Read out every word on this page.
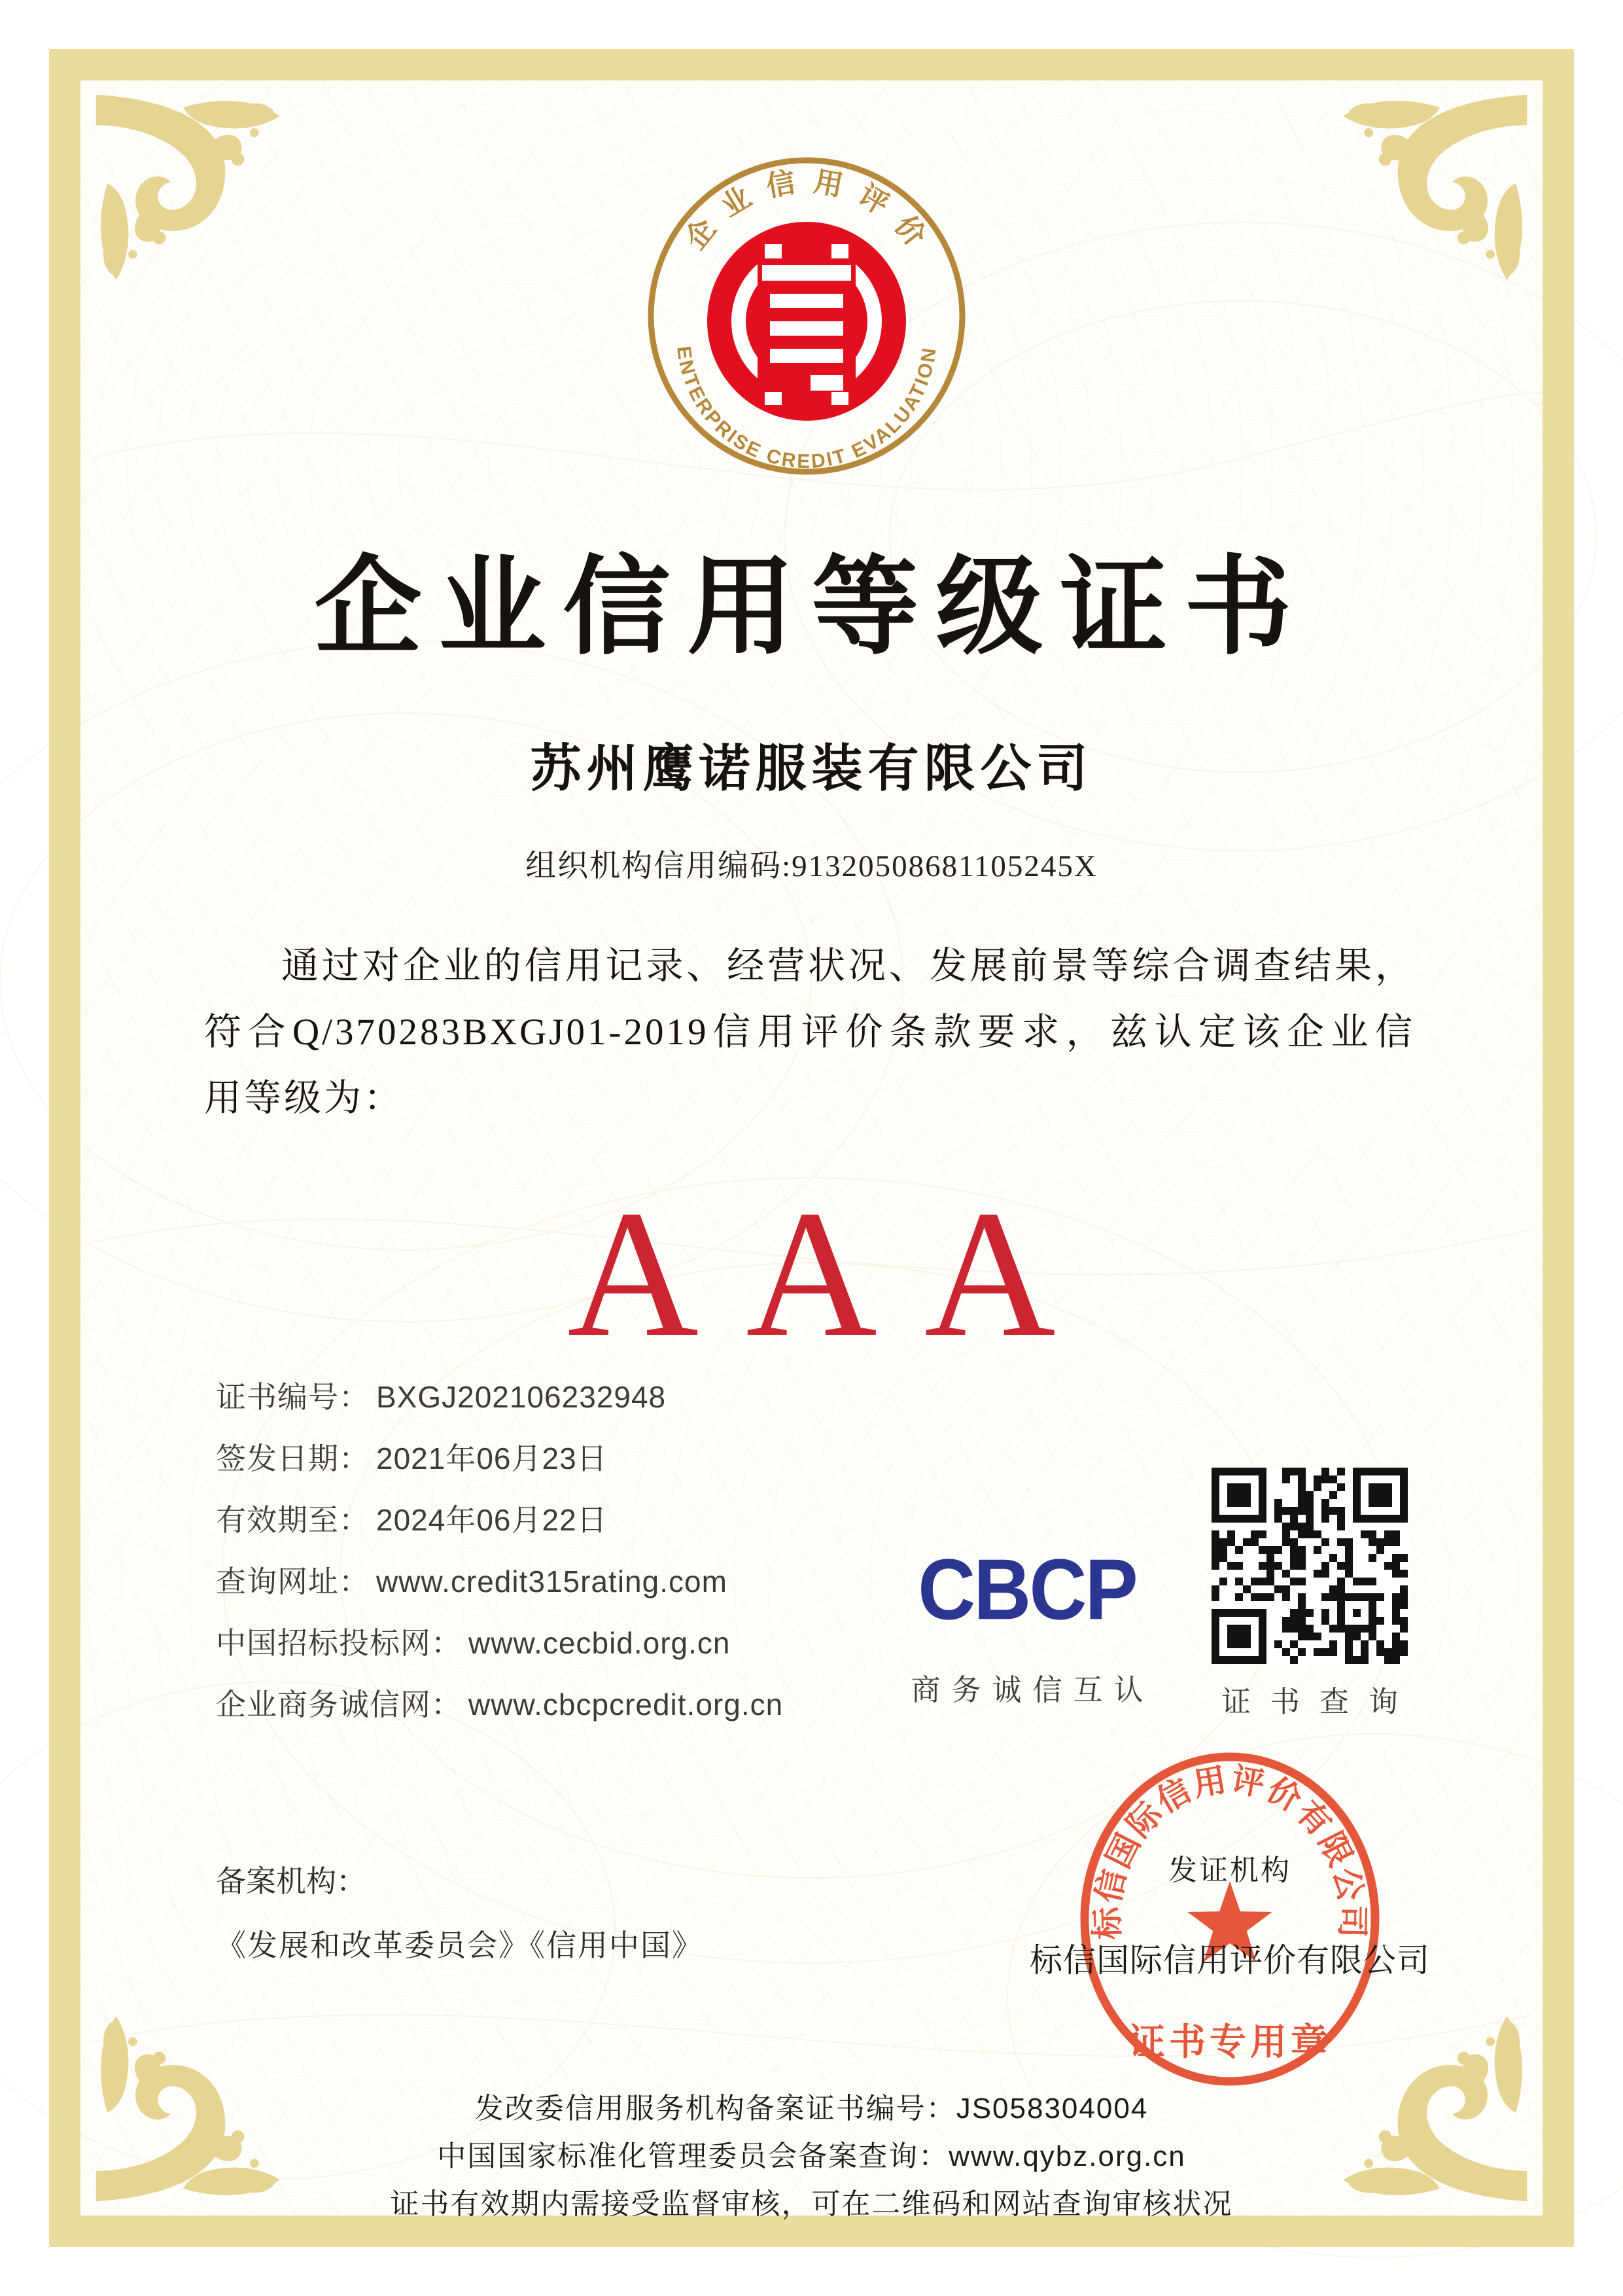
企 业 信 用 评 价
ENTERPRISE CREDIT EVALUATION
企业信用等级证书
苏州鹰诺服装有限公司
组织机构信用编码:91320508681105245X
通过对企业的信用记录、经营状况、发展前景等综合调查结果，
符合Q/370283BXGJ01-2019信用评价条款要求，兹认定该企业信
用等级为：
AAA
证书编号： BXGJ202106232948
签发日期： 2021年06月23日
有效期至： 2024年06月22日
查询网址： www.credit315rating.com
中国招标投标网： www.cecbid.org.cn
企业商务诚信网： www.cbcpcredit.org.cn
CBCP
商务诚信互认	证书查询
备案机构：
《发展和改革委员会》《信用中国》
标信国际信用评价有限公司
证书专用章
发证机构
标信国际信用评价有限公司
发改委信用服务机构备案证书编号：JS058304004
中国国家标准化管理委员会备案查询：www.qybz.org.cn
证书有效期内需接受监督审核，可在二维码和网站查询审核状况
